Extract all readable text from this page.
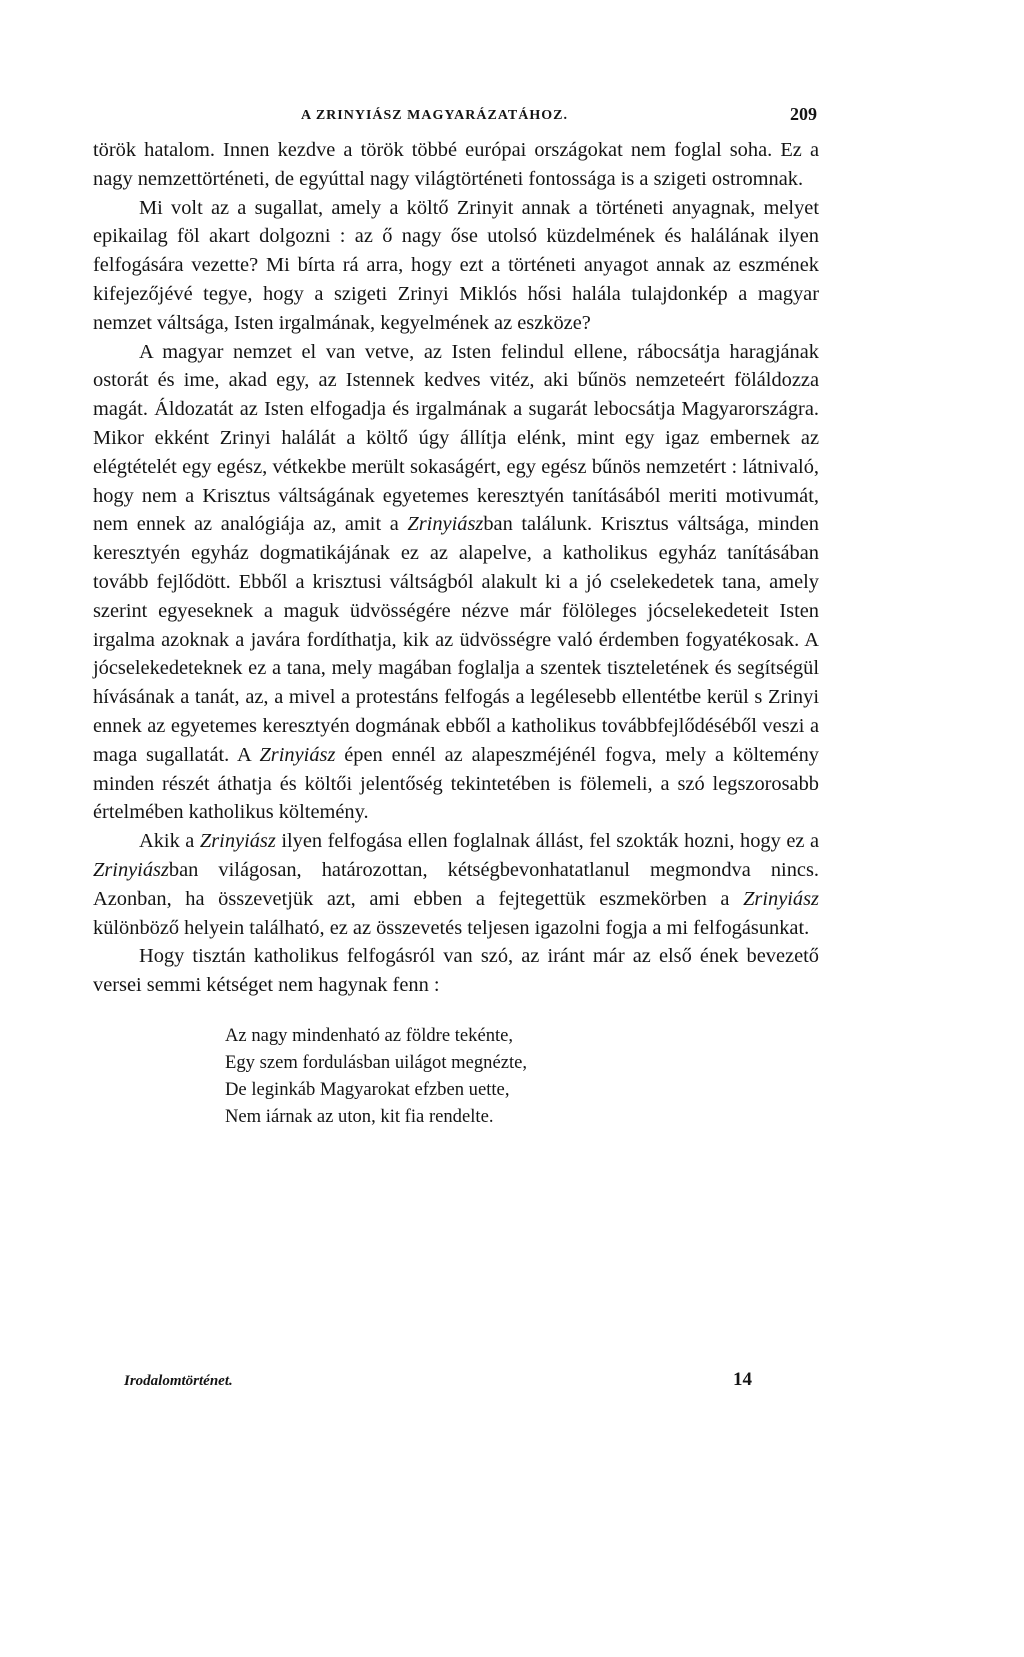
A ZRINYIÁSZ MAGYARÁZATÁHOZ.	209

török hatalom. Innen kezdve a török többé európai országokat nem foglal soha. Ez a nagy nemzettörténeti, de egyúttal nagy világtörténeti fontossága is a szigeti ostromnak.

Mi volt az a sugallat, amely a költő Zrinyit annak a történeti anyagnak, melyet epikailag föl akart dolgozni : az ő nagy őse utolsó küzdelmének és halálának ilyen felfogására vezette? Mi bírta rá arra, hogy ezt a történeti anyagot annak az eszmének kifejezőjévé tegye, hogy a szigeti Zrinyi Miklós hősi halála tulajdonkép a magyar nemzet váltsága, Isten irgalmának, kegyelmének az eszköze?

A magyar nemzet el van vetve, az Isten felindul ellene, rábocsátja haragjának ostorát és ime, akad egy, az Istennek kedves vitéz, aki bűnös nemzeteért föláldozza magát. Áldozatát az Isten elfogadja és irgalmának a sugarát lebocsátja Magyarországra. Mikor ekként Zrinyi halálát a költő úgy állítja elénk, mint egy igaz embernek az elégtételét egy egész, vétkekbe merült sokaságért, egy egész bűnös nemzetért : látnivaló, hogy nem a Krisztus váltságának egyetemes keresztyén tanításából meriti motivumát, nem ennek az analógiája az, amit a Zrinyiászban találunk. Krisztus váltsága, minden keresztyén egyház dogmatikájának ez az alapelve, a katholikus egyház tanításában tovább fejlődött. Ebből a krisztusi váltságból alakult ki a jó cselekedetek tana, amely szerint egyeseknek a maguk üdvösségére nézve már fölöleges jócselekedeteit Isten irgalma azoknak a javára fordíthatja, kik az üdvösségre való érdemben fogyatékosak. A jócselekedeteknek ez a tana, mely magában foglalja a szentek tiszteletének és segítségül hívásának a tanát, az, a mivel a protestáns felfogás a legélesebb ellentétbe kerül s Zrinyi ennek az egyetemes keresztyén dogmának ebből a katholikus továbbfejlődéséből veszi a maga sugallatát. A Zrinyiász épen ennél az alapeszméjénél fogva, mely a költemény minden részét áthatja és költői jelentőség tekintetében is fölemeli, a szó legszorosabb értelmében katholikus költemény.

Akik a Zrinyiász ilyen felfogása ellen foglalnak állást, fel szokták hozni, hogy ez a Zrinyiászban világosan, határozottan, kétségbevonhatatlanul megmondva nincs. Azonban, ha összevetjük azt, ami ebben a fejtegettük eszmekörben a Zrinyiász különböző helyein található, ez az összevetés teljesen igazolni fogja a mi felfogásunkat.

Hogy tisztán katholikus felfogásról van szó, az iránt már az első ének bevezető versei semmi kétséget nem hagynak fenn :

Az nagy mindenható az földre tekénte,
Egy szem fordulásban uilágot megnézte,
De leginkáb Magyarokat efzben uette,
Nem iárnak az uton, kit fia rendelte.
Irodalomtörténet.	14
